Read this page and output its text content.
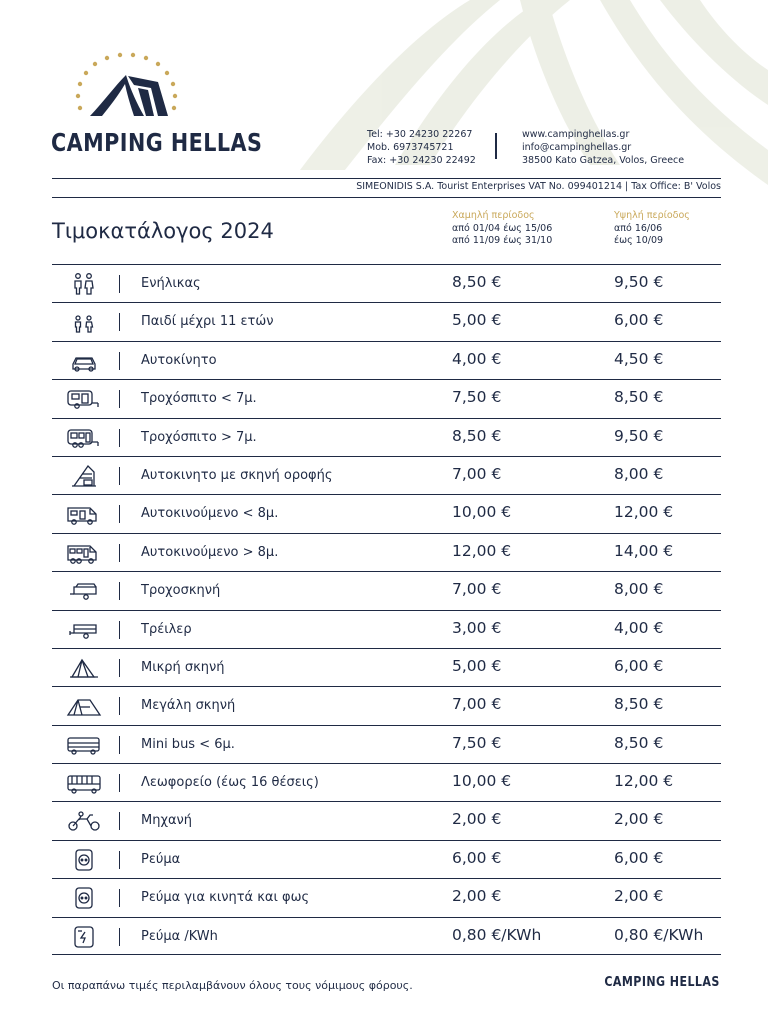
CAMPING HELLAS	Tel: +30 24230 22267
Mob. 6973745721
Fax: +30 24230 22492
www.campinghellas.gr
info@campinghellas.gr
38500 Kato Gatzea, Volos, Greece
SIMEONIDIS S.A. Tourist Enterprises VAT No. 099401214 | Tax Office: B' Volos
Τιμοκατάλογος 2024
Χαμηλή περίοδος
από 01/04 έως 15/06
από 11/09 έως 31/10
Υψηλή περίοδος
από 16/06
έως 10/09
Ενήλικας	8,50 €	9,50 €
Παιδί μέχρι 11 ετών	5,00 €	6,00 €
Αυτοκίνητο	4,00 €	4,50 €
Τροχόσπιτο < 7μ.	7,50 €	8,50 €
Τροχόσπιτο > 7μ.	8,50 €	9,50 €
Αυτοκινητο με σκηνή οροφής	7,00 €	8,00 €
Αυτοκινούμενο < 8μ.	10,00 €	12,00 €
Αυτοκινούμενο > 8μ.	12,00 €	14,00 €
Τροχοσκηνή	7,00 €	8,00 €
Τρέιλερ	3,00 €	4,00 €
Μικρή σκηνή	5,00 €	6,00 €
Μεγάλη σκηνή	7,00 €	8,50 €
Mini bus < 6μ.	7,50 €	8,50 €
Λεωφορείο (έως 16 θέσεις)	10,00 €	12,00 €
Μηχανή	2,00 €	2,00 €
Ρεύμα	6,00 €	6,00 €
Ρεύμα για κινητά και φως	2,00 €	2,00 €
Ρεύμα /KWh	0,80 €/KWh	0,80 €/KWh
Οι παραπάνω τιμές περιλαμβάνουν όλους τους νόμιμους φόρους.	CAMPING HELLAS
